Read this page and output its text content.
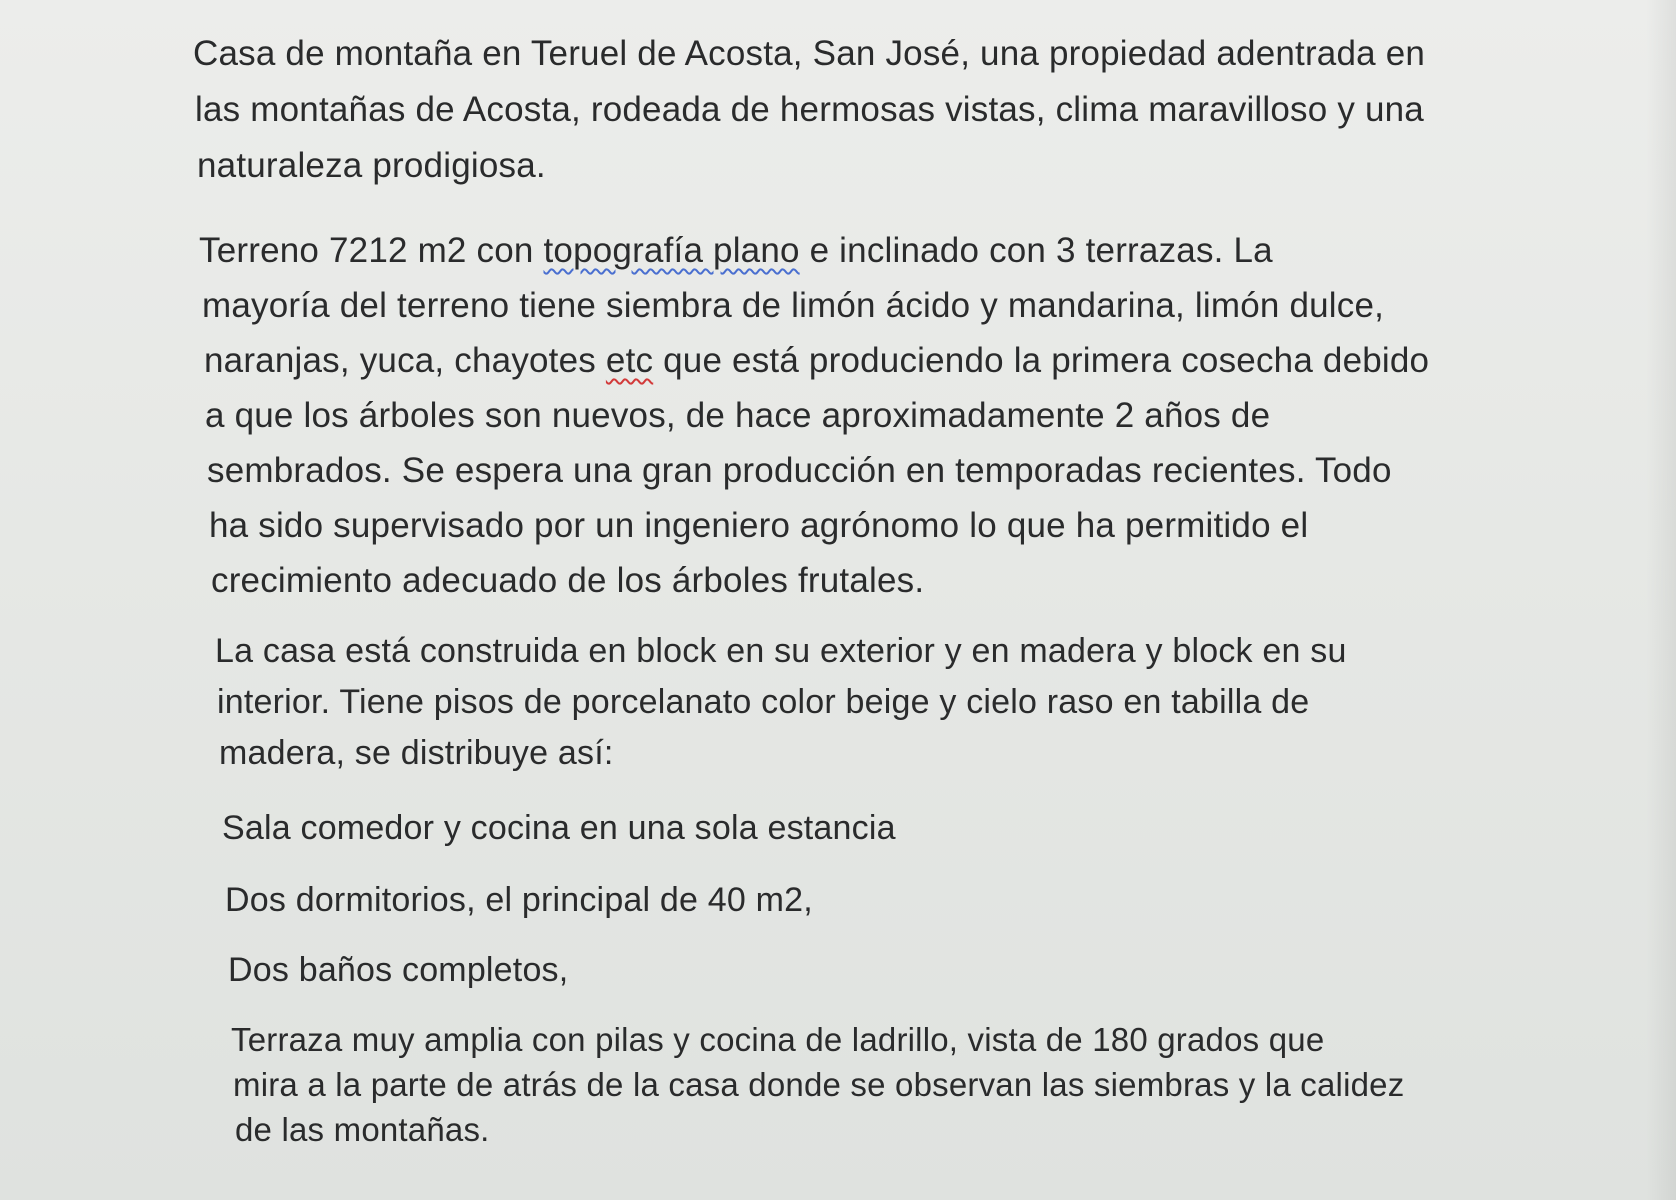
Casa de montaña en Teruel de Acosta, San José, una propiedad adentrada en
las montañas de Acosta, rodeada de hermosas vistas, clima maravilloso y una
naturaleza prodigiosa.

Terreno 7212 m2 con topografía plano e inclinado con 3 terrazas. La
mayoría del terreno tiene siembra de limón ácido y mandarina, limón dulce,
naranjas, yuca, chayotes etc que está produciendo la primera cosecha debido
a que los árboles son nuevos, de hace aproximadamente 2 años de
sembrados. Se espera una gran producción en temporadas recientes. Todo
ha sido supervisado por un ingeniero agrónomo lo que ha permitido el
crecimiento adecuado de los árboles frutales.

La casa está construida en block en su exterior y en madera y block en su
interior. Tiene pisos de porcelanato color beige y cielo raso en tabilla de
madera, se distribuye así:

Sala comedor y cocina en una sola estancia

Dos dormitorios, el principal de 40 m2,

Dos baños completos,

Terraza muy amplia con pilas y cocina de ladrillo, vista de 180 grados que
mira a la parte de atrás de la casa donde se observan las siembras y la calidez
de las montañas.
